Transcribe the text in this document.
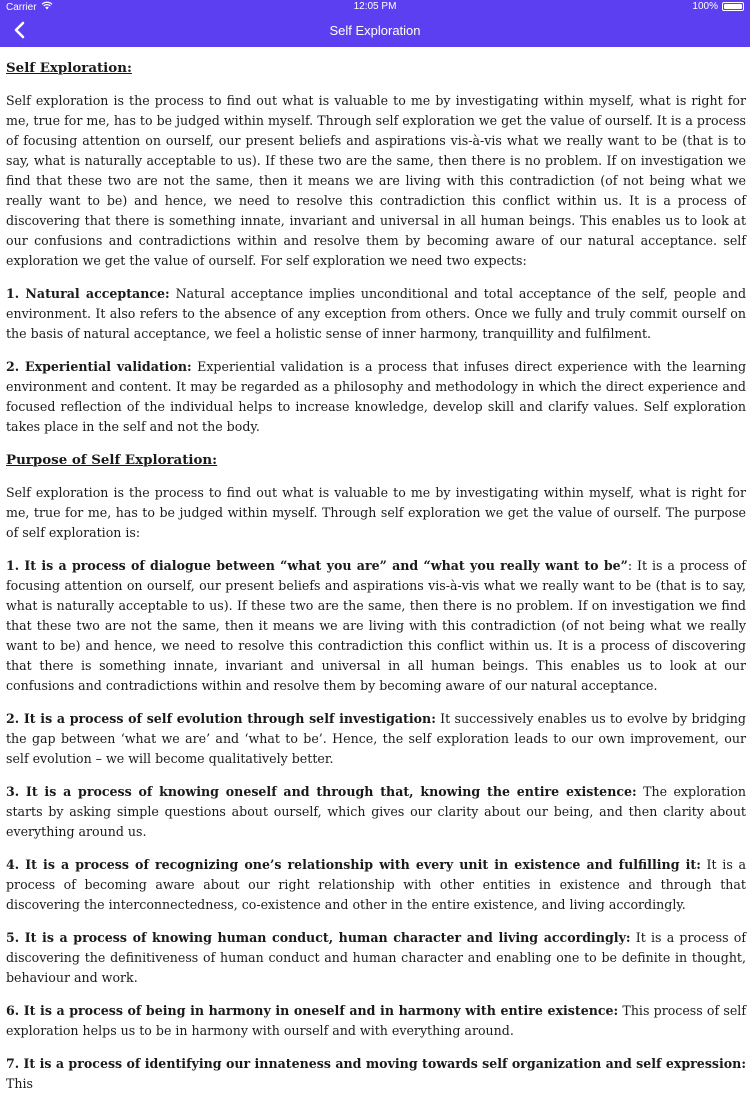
Carrier	12:05 PM	100%
Self Exploration
Self Exploration:

Self exploration is the process to find out what is valuable to me by investigating within myself, what is right for me, true for me, has to be judged within myself. Through self exploration we get the value of ourself. It is a process of focusing attention on ourself, our present beliefs and aspirations vis-à-vis what we really want to be (that is to say, what is naturally acceptable to us). If these two are the same, then there is no problem. If on investigation we find that these two are not the same, then it means we are living with this contradiction (of not being what we really want to be) and hence, we need to resolve this contradiction this conflict within us. It is a process of discovering that there is something innate, invariant and universal in all human beings. This enables us to look at our confusions and contradictions within and resolve them by becoming aware of our natural acceptance. self exploration we get the value of ourself. For self exploration we need two expects:

1. Natural acceptance: Natural acceptance implies unconditional and total acceptance of the self, people and environment. It also refers to the absence of any exception from others. Once we fully and truly commit ourself on the basis of natural acceptance, we feel a holistic sense of inner harmony, tranquillity and fulfilment.

2. Experiential validation: Experiential validation is a process that infuses direct experience with the learning environment and content. It may be regarded as a philosophy and methodology in which the direct experience and focused reflection of the individual helps to increase knowledge, develop skill and clarify values. Self exploration takes place in the self and not the body.

Purpose of Self Exploration:

Self exploration is the process to find out what is valuable to me by investigating within myself, what is right for me, true for me, has to be judged within myself. Through self exploration we get the value of ourself. The purpose of self exploration is:

1. It is a process of dialogue between “what you are” and “what you really want to be”: It is a process of focusing attention on ourself, our present beliefs and aspirations vis-à-vis what we really want to be (that is to say, what is naturally acceptable to us). If these two are the same, then there is no problem. If on investigation we find that these two are not the same, then it means we are living with this contradiction (of not being what we really want to be) and hence, we need to resolve this contradiction this conflict within us. It is a process of discovering that there is something innate, invariant and universal in all human beings. This enables us to look at our confusions and contradictions within and resolve them by becoming aware of our natural acceptance.

2. It is a process of self evolution through self investigation: It successively enables us to evolve by bridging the gap between ‘what we are’ and ‘what to be’. Hence, the self exploration leads to our own improvement, our self evolution – we will become qualitatively better.

3. It is a process of knowing oneself and through that, knowing the entire existence: The exploration starts by asking simple questions about ourself, which gives our clarity about our being, and then clarity about everything around us.

4. It is a process of recognizing one’s relationship with every unit in existence and fulfilling it: It is a process of becoming aware about our right relationship with other entities in existence and through that discovering the interconnectedness, co-existence and other in the entire existence, and living accordingly.

5. It is a process of knowing human conduct, human character and living accordingly: It is a process of discovering the definitiveness of human conduct and human character and enabling one to be definite in thought, behaviour and work.

6. It is a process of being in harmony in oneself and in harmony with entire existence: This process of self exploration helps us to be in harmony with ourself and with everything around.

7. It is a process of identifying our innateness and moving towards self organization and self expression: This
